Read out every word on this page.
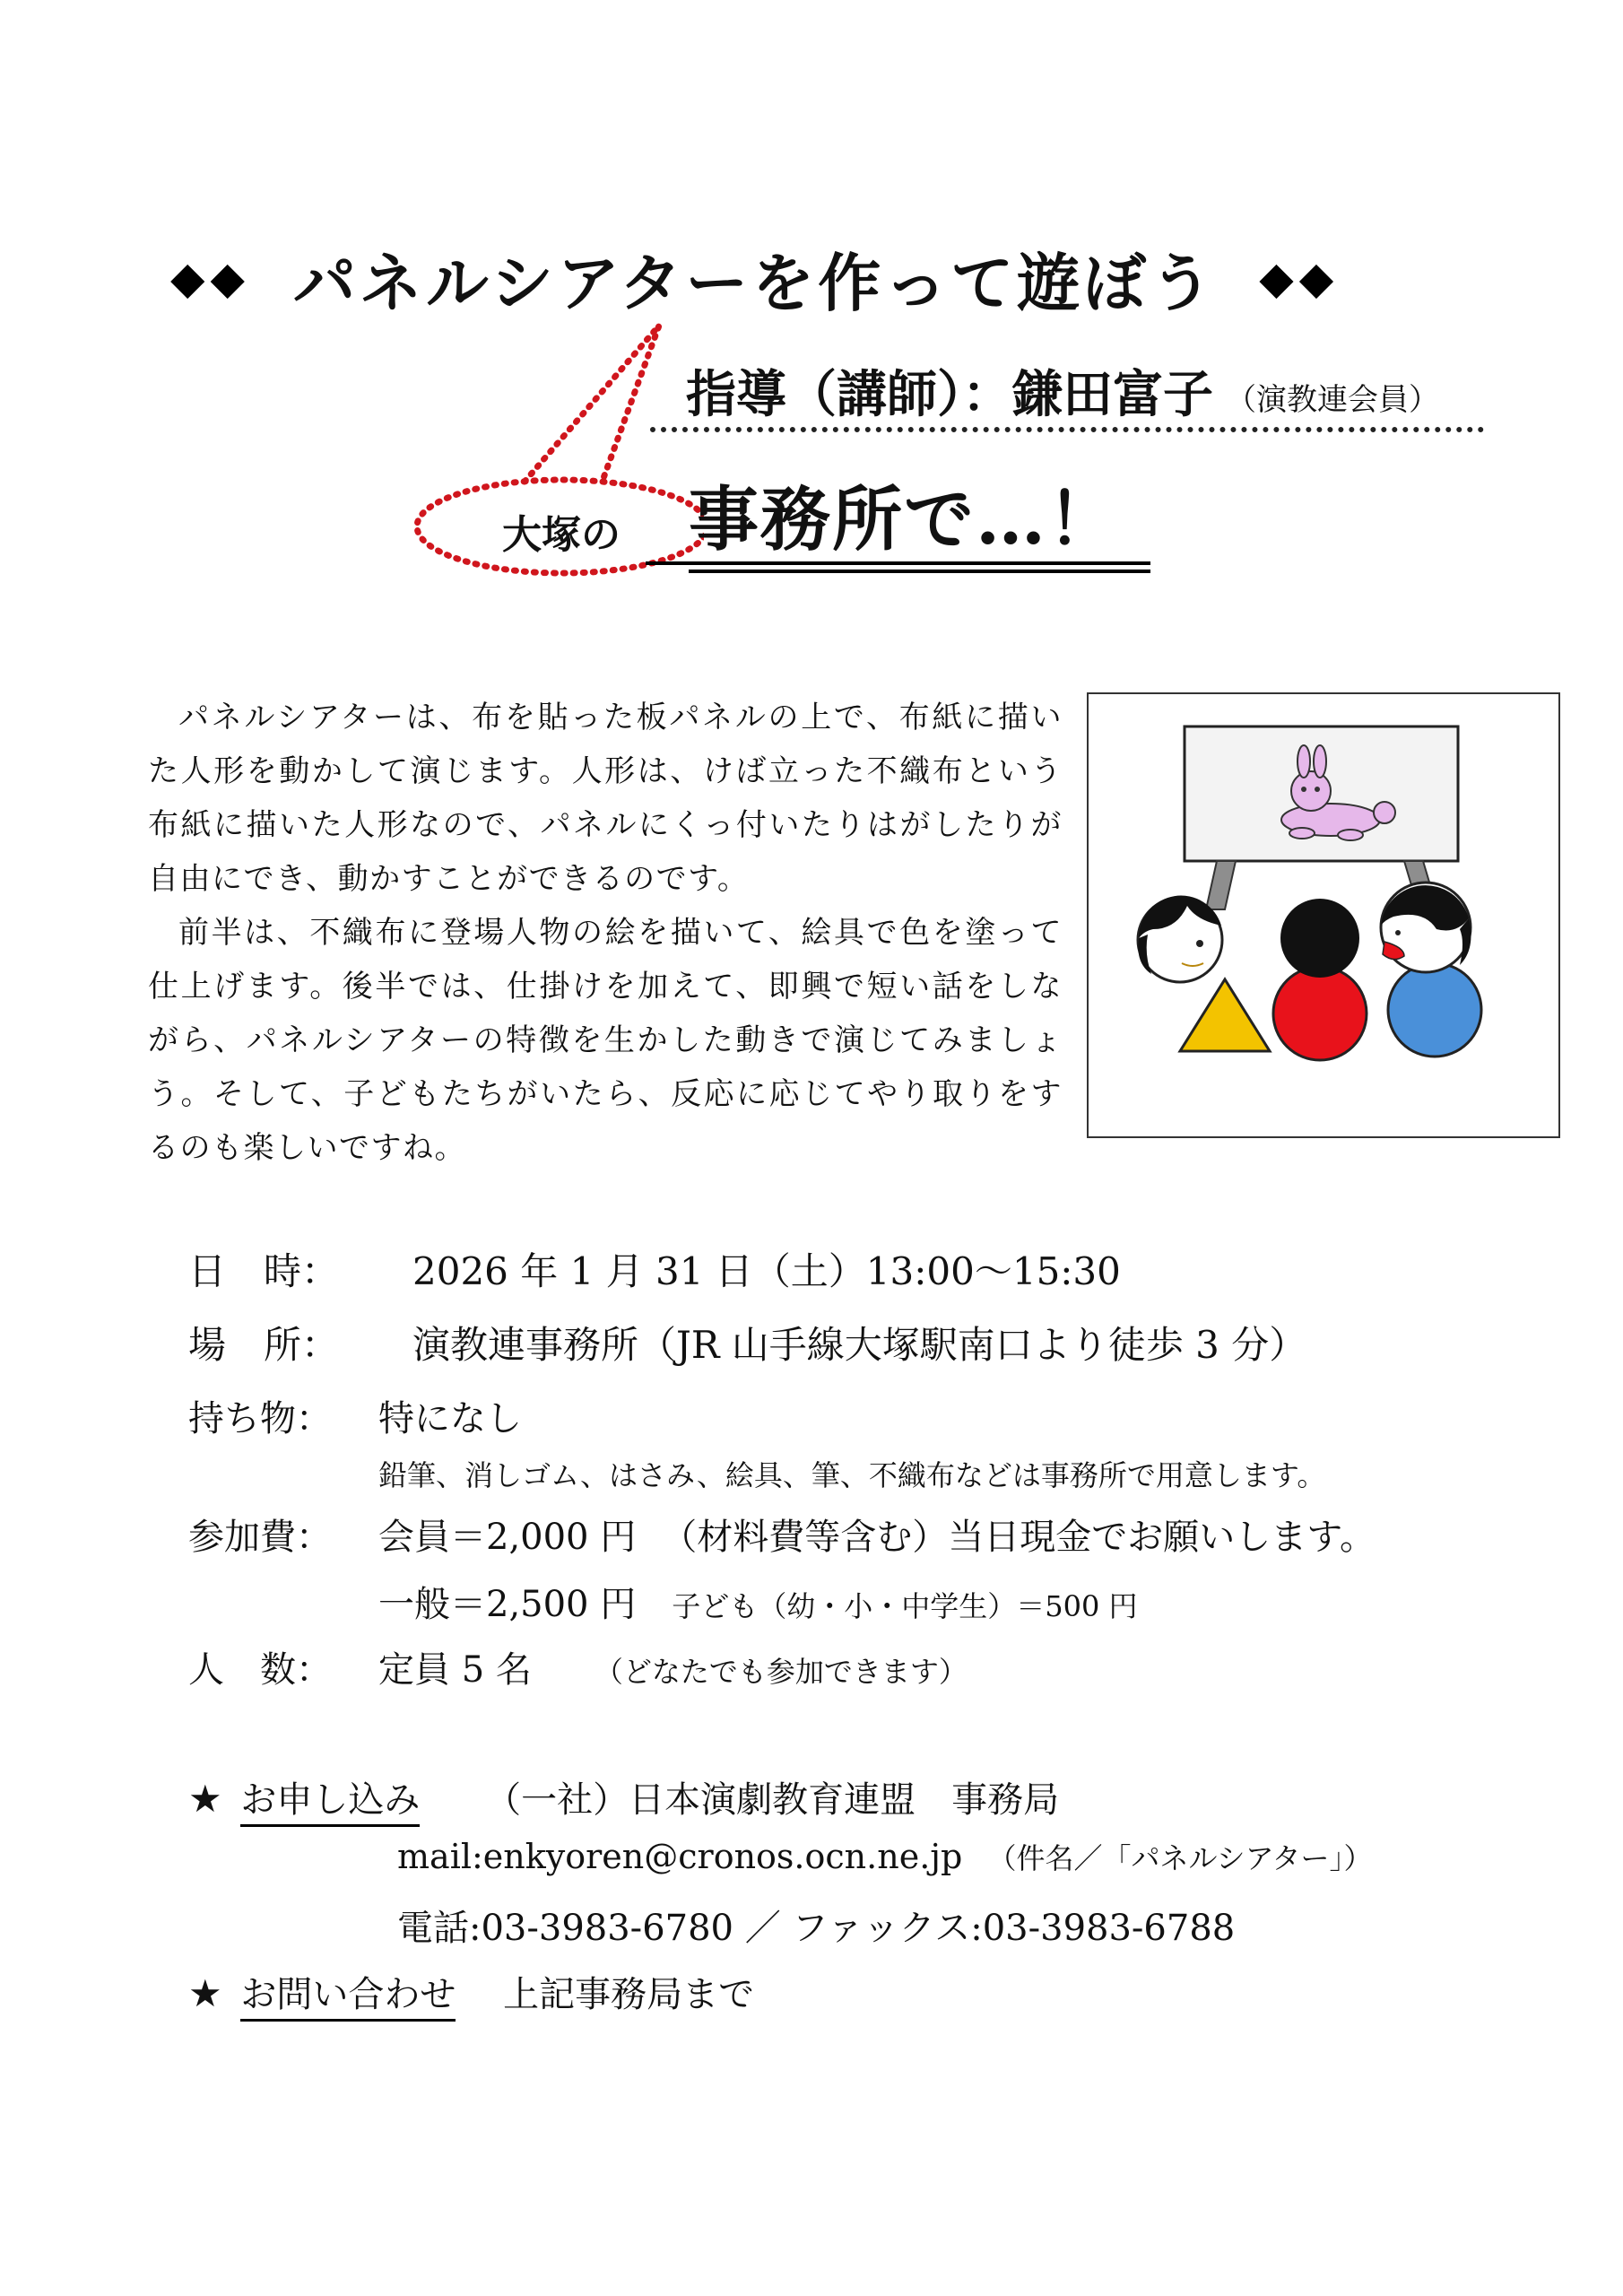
◆◆ パネルシアターを作って遊ぼう ◆◆
大塚の
指導（講師）：鎌田富子 （演教連会員）
事務所で…！

パネルシアターは、布を貼った板パネルの上で、布紙に描いた人形を動かして演じます。人形は、けば立った不織布という布紙に描いた人形なので、パネルにくっ付いたりはがしたりが自由にでき、動かすことができるのです。

前半は、不織布に登場人物の絵を描いて、絵具で色を塗って仕上げます。後半では、仕掛けを加えて、即興で短い話をしながら、パネルシアターの特徴を生かした動きで演じてみましょう。そして、子どもたちがいたら、反応に応じてやり取りをするのも楽しいですね。

日　時： 2026 年 1 月 31 日（土）13:00～15:30
場　所： 演教連事務所（JR 山手線大塚駅南口より徒歩 3 分）
持ち物： 特になし
鉛筆、消しゴム、はさみ、絵具、筆、不織布などは事務所で用意します。
参加費： 会員＝2,000 円 （材料費等含む）当日現金でお願いします。
一般＝2,500 円 子ども（幼・小・中学生）＝500 円
人　数： 定員 5 名 （どなたでも参加できます）
★ お申し込み （一社）日本演劇教育連盟　事務局
mail:enkyoren@cronos.ocn.ne.jp （件名／「パネルシアター」）
電話:03-3983-6780 ／ ファックス:03-3983-6788
★ お問い合わせ 上記事務局まで
